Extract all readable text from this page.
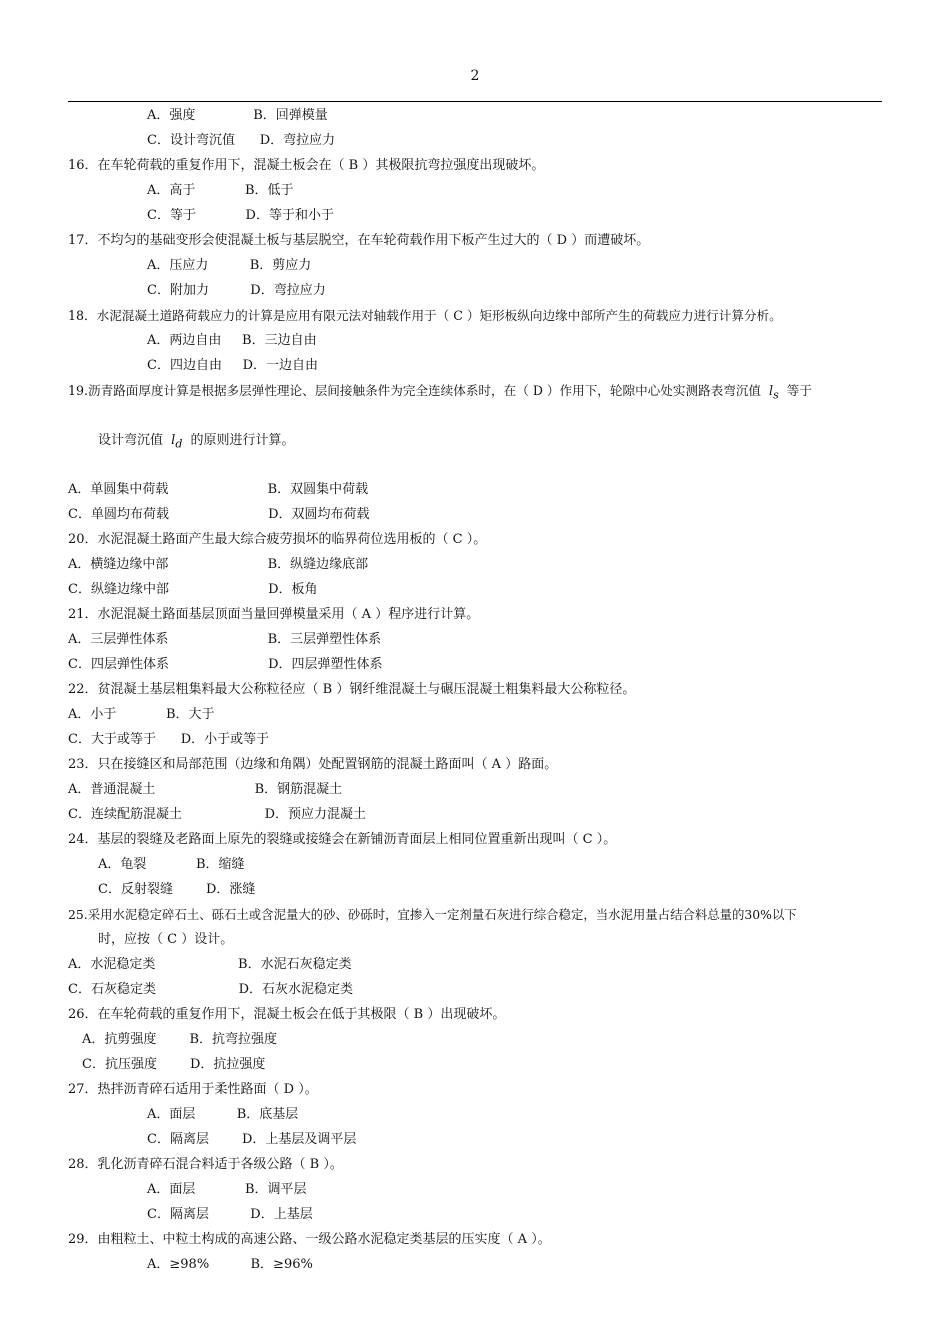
2
A．强度              B．回弹模量
C．设计弯沉值      D．弯拉应力
16．在车轮荷载的重复作用下，混凝土板会在（ B ）其极限抗弯拉强度出现破坏。
A．高于            B．低于
C．等于            D．等于和小于
17．不均匀的基础变形会使混凝土板与基层脱空，在车轮荷载作用下板产生过大的（ D ）而遭破坏。
A．压应力          B．剪应力
C．附加力          D．弯拉应力
18．水泥混凝土道路荷载应力的计算是应用有限元法对轴载作用于（ C ）矩形板纵向边缘中部所产生的荷载应力进行计算分析。
A．两边自由     B．三边自由
C．四边自由     D．一边自由
19.沥青路面厚度计算是根据多层弹性理论、层间接触条件为完全连续体系时，在（ D ）作用下，轮隙中心处实测路表弯沉值 $l_s$ 等于
设计弯沉值 $l_d$ 的原则进行计算。
A．单圆集中荷载                        B．双圆集中荷载
C．单圆均布荷载                        D．双圆均布荷载
20．水泥混凝土路面产生最大综合疲劳损坏的临界荷位选用板的（ C ）。
A．横缝边缘中部                        B．纵缝边缘底部
C．纵缝边缘中部                        D．板角
21．水泥混凝土路面基层顶面当量回弹模量采用（ A ）程序进行计算。
A．三层弹性体系                        B．三层弹塑性体系
C．四层弹性体系                        D．四层弹塑性体系
22．贫混凝土基层粗集料最大公称粒径应（ B ）钢纤维混凝土与碾压混凝土粗集料最大公称粒径。
A．小于            B．大于
C．大于或等于      D．小于或等于
23．只在接缝区和局部范围（边缘和角隅）处配置钢筋的混凝土路面叫（ A ）路面。
A．普通混凝土                        B．钢筋混凝土
C．连续配筋混凝土                    D．预应力混凝土
24．基层的裂缝及老路面上原先的裂缝或接缝会在新铺沥青面层上相同位置重新出现叫（ C ）。
A．龟裂            B．缩缝
C．反射裂缝        D．涨缝
25.采用水泥稳定碎石土、砾石土或含泥量大的砂、砂砾时，宜掺入一定剂量石灰进行综合稳定，当水泥用量占结合料总量的30%以下
时，应按（ C ）设计。
A．水泥稳定类                    B．水泥石灰稳定类
C．石灰稳定类                    D．石灰水泥稳定类
26．在车轮荷载的重复作用下，混凝土板会在低于其极限（ B ）出现破坏。
A．抗剪强度        B．抗弯拉强度
C．抗压强度        D．抗拉强度
27．热拌沥青碎石适用于柔性路面（ D ）。
A．面层          B．底基层
C．隔离层        D．上基层及调平层
28．乳化沥青碎石混合料适于各级公路（ B ）。
A．面层            B．调平层
C．隔离层          D．上基层
29．由粗粒土、中粒土构成的高速公路、一级公路水泥稳定类基层的压实度（ A ）。
A．≥98%          B．≥96%
